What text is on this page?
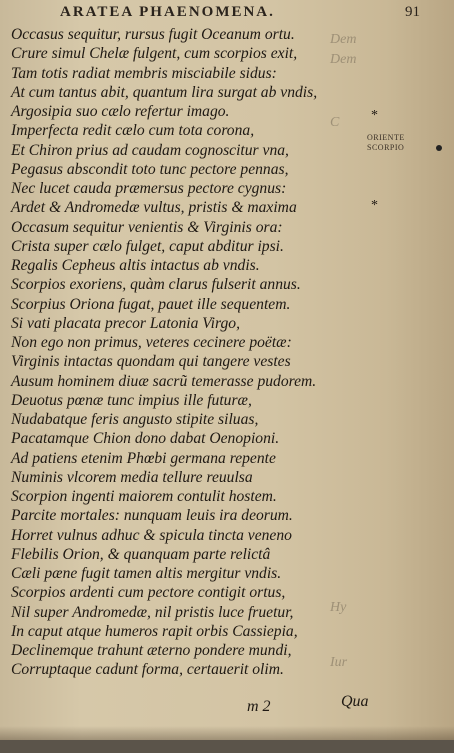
ARATEA PHAENOMENA.	91
Dem
Dem
C
Hy
Iur
Occasus sequitur, rursus fugit Oceanum ortu.
Crure simul Chelæ fulgent, cum scorpios exit,
Tam totis radiat membris misciabile sidus:
At cum tantus abit, quantum lira surgat ab vndis,
Argosipia suo cælo refertur imago.
Imperfecta redit cælo cum tota corona,
Et Chiron prius ad caudam cognoscitur vna,
Pegasus abscondit toto tunc pectore pennas,
Nec lucet cauda præmersus pectore cygnus:
Ardet & Andromedæ vultus, pristis & maxima
Occasum sequitur venientis & Virginis ora:
Crista super cælo fulget, caput abditur ipsi.
Regalis Cepheus altis intactus ab vndis.
Scorpios exoriens, quàm clarus fulserit annus.
Scorpius Oriona fugat, pauet ille sequentem.
Si vati placata precor Latonia Virgo,
Non ego non primus, veteres cecinere poëtæ:
Virginis intactas quondam qui tangere vestes
Ausum hominem diuæ sacrũ temerasse pudorem.
Deuotus pœnæ tunc impius ille futuræ,
Nudabatque feris angusto stipite siluas,
Pacatamque Chion dono dabat Oenopioni.
Ad patiens etenim Phœbi germana repente
Numinis vlcorem media tellure reuulsa
Scorpion ingenti maiorem contulit hostem.
Parcite mortales: nunquam leuis ira deorum.
Horret vulnus adhuc & spicula tincta veneno
Flebilis Orion, & quanquam parte relictâ
Cæli pæne fugit tamen altis mergitur vndis.
Scorpios ardenti cum pectore contigit ortus,
Nil super Andromedæ, nil pristis luce fruetur,
In caput atque humeros rapit orbis Cassiepia,
Declinemque trahunt æterno pondere mundi,
Corruptaque cadunt forma, certauerit olim.
*
ORIENTE
SCORPIO
*
m 2	Qua
